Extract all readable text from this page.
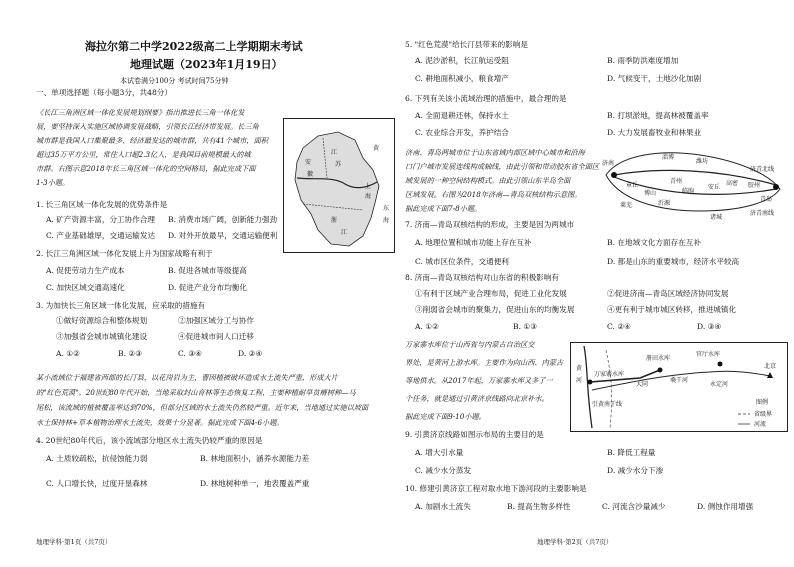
海拉尔第二中学2022级高二上学期期末考试
地理试题（2023年1月19日）
本试卷满分100分 考试时间75分钟
一、单项选择题（每小题3分，共48分）
《长江三角洲区域一体化发展规划纲要》指出推进长三角一体化发
展，要坚持深入实施区域协调发展战略，引领长江经济带发展。长三角
城市群是我国人口集聚最多、经济最发达的城市群，共有41个城市，面积
超过35万平方公里，常住人口超2.3亿人，是我国目前规模最大的城
市群。右图示意2018年长三角区域一体化的空间格局，据此完成下面
1-3小题。
江
苏
安
徽
浙
江
上
海
黄
东
海
1. 长三角区域一体化发展的优势条件是
A. 矿产资源丰富，分工协作合理 B. 消费市场广阔，创新能力强劲
C. 产业基础雄厚，交通运输发达 D. 对外开放最早，交通运输便利
2. 长江三角洲区域一体化发展上升为国家战略有利于
A. 促使劳动力生产成本	B. 促进各城市等级提高
C. 加快区域交通高速化	D. 促进产业分布均衡化
3. 为加快长三角区域一体化发展，应采取的措施有
①做好资源综合和整体规划	②加强区域分工与协作
③加强省会城市城镇化建设	④促进城市间人口迁移
A. ①②	B. ②③	C. ③④	D. ②④
某小流域位于福建省西部的长汀县，以花岗岩为主，曹因植被破坏造成水土流失严重，形成大片
的"红色荒漠"。20世纪80年代开始，当地采取封山育林等生态恢复工程，主要种植耐旱贫瘠树种—马
尾松，该流域的植被覆盖率达到70%，但部分区域的水土流失仍然较严重。近年来，当地通过实施以坡面
水土保持林+草本植物治理水土流失，效果十分显著。据此完成下面4-6小题。
4. 20世纪80年代后，该小流域部分地区水土流失仍较严重的原因是
A. 土质较疏松，抗侵蚀能力弱	B. 林地面积小，涵养水源能力差
C. 人口增长快，过度开垦森林	D. 林地树种单一，地表覆盖严重
地理学科·第1页（共7页）
5. "红色荒漠"给长汀县带来的影响是
A. 泥沙淤积，长江航运受阻	B. 雨季防洪难度增加
C. 耕地面积减小，粮食增产	D. 气候变干，土地沙化加剧
6. 下列有关该小流域治理的措施中，最合理的是
A. 全面退耕还林，保持水土	B. 打坝淤地，提高林被覆盖率
C. 农业综合开发，养护结合	D. 大力发展畜牧业和林果业
济南、青岛两城市位于山东省域内部区域中心城市和沿海
口门户城市发展连线构成轴线，由此引领和带动胶东省全面区
域发展的一种空间结构模式。由此引领山东半岛全面
区域发展。右图为2018年济南—青岛双核结构示意图。
据此完成下面7-8小题。
淄博
潍坊
济南
青州
临朐
安丘
高密 胶州
济青北线
青岛
诸城
济青南线
莱芜	沂源
章丘
博山
7. 济南—青岛双核结构的形成，主要是因为两城市
A. 地理位置和城市功能上存在互补	B. 在地域文化方面存在互补
C. 城市区位条件，交通便利	D. 都是山东的重要城市，经济水平较高
8. 济南—青岛双核结构对山东省的积极影响有
①有利于区域产业合理布局，促进工业化发展	②促进济南—青岛区域经济协同发展
③削弱省会城市的聚集力，促进山东的均衡发展	④更有利于城市城区转移，推进城镇化
A. ①②	B. ①③	C. ②④	D. ③④
万家寨水库位于山西省与内蒙古自治区交
界处，是黄河上游水库。主要作为向山西、内蒙古
等地供水。从2017年起，万家寨水库又多了一
个任务，就是通过引黄济京线路向北京补水。
据此完成下面9-10小题。
官厅水库
北京
黄
河
万家寨水库
册田水库
大同
桑干河
引黄南干线
永定河
图例
省级界
河流
9. 引黄济京线路如图示布局的主要目的是
A. 增大引水量	B. 降低工程量
C. 减少水分蒸发	D. 减少水分下渗
10. 修建引黄济京工程对取水地下游河段的主要影响是
A. 加剧水土流失	B. 提高生物多样性	C. 河流含沙量减少	D. 侧蚀作用增强
地理学科·第2页（共7页）
